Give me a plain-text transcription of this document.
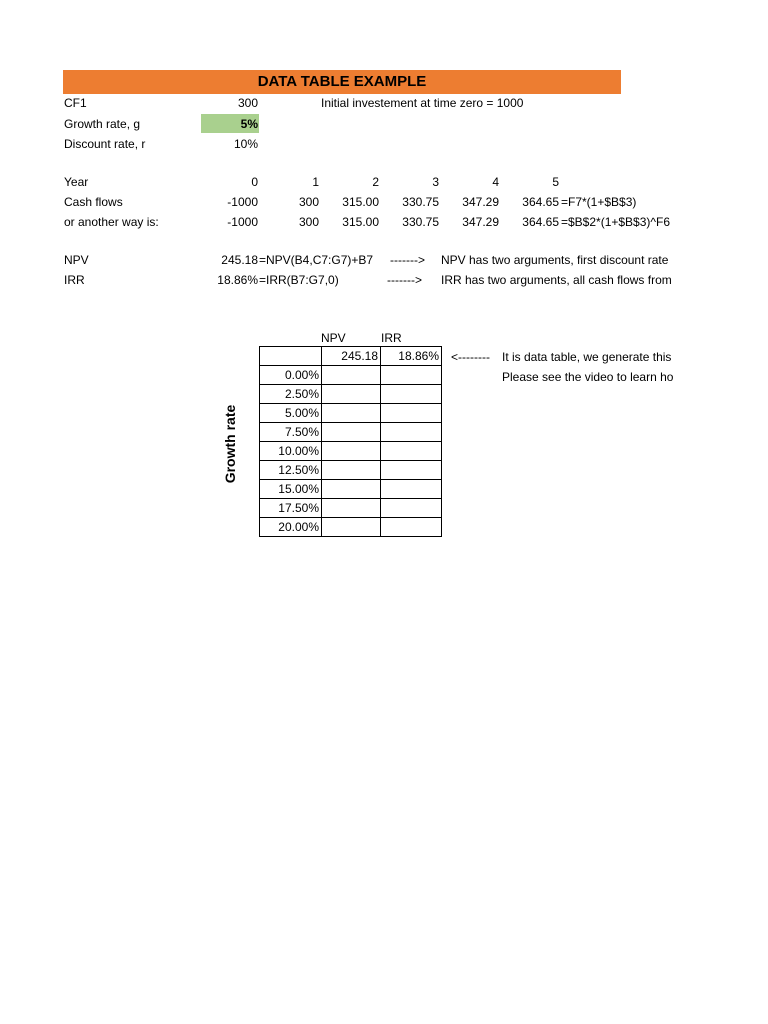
DATA TABLE EXAMPLE
CF1	300	Initial investement at time zero = 1000
Growth rate, g	5%
Discount rate, r	10%
Year	0	1	2	3	4	5
Cash flows	-1000	300	315.00	330.75	347.29	364.65 =F7*(1+$B$3)
or another way is:	-1000	300	315.00	330.75	347.29	364.65 =$B$2*(1+$B$3)^F6
NPV	245.18 =NPV(B4,C7:G7)+B7 -------> NPV has two arguments, first discount rate
IRR	18.86% =IRR(B7:G7,0)	-------> IRR has two arguments, all cash flows from
NPV	IRR
	245.18	18.86%
0.00%		
2.50%		
5.00%		
7.50%		
10.00%		
12.50%		
15.00%		
17.50%		
20.00%		
Growth rate
<-------- It is data table, we generate this
Please see the video to learn ho
